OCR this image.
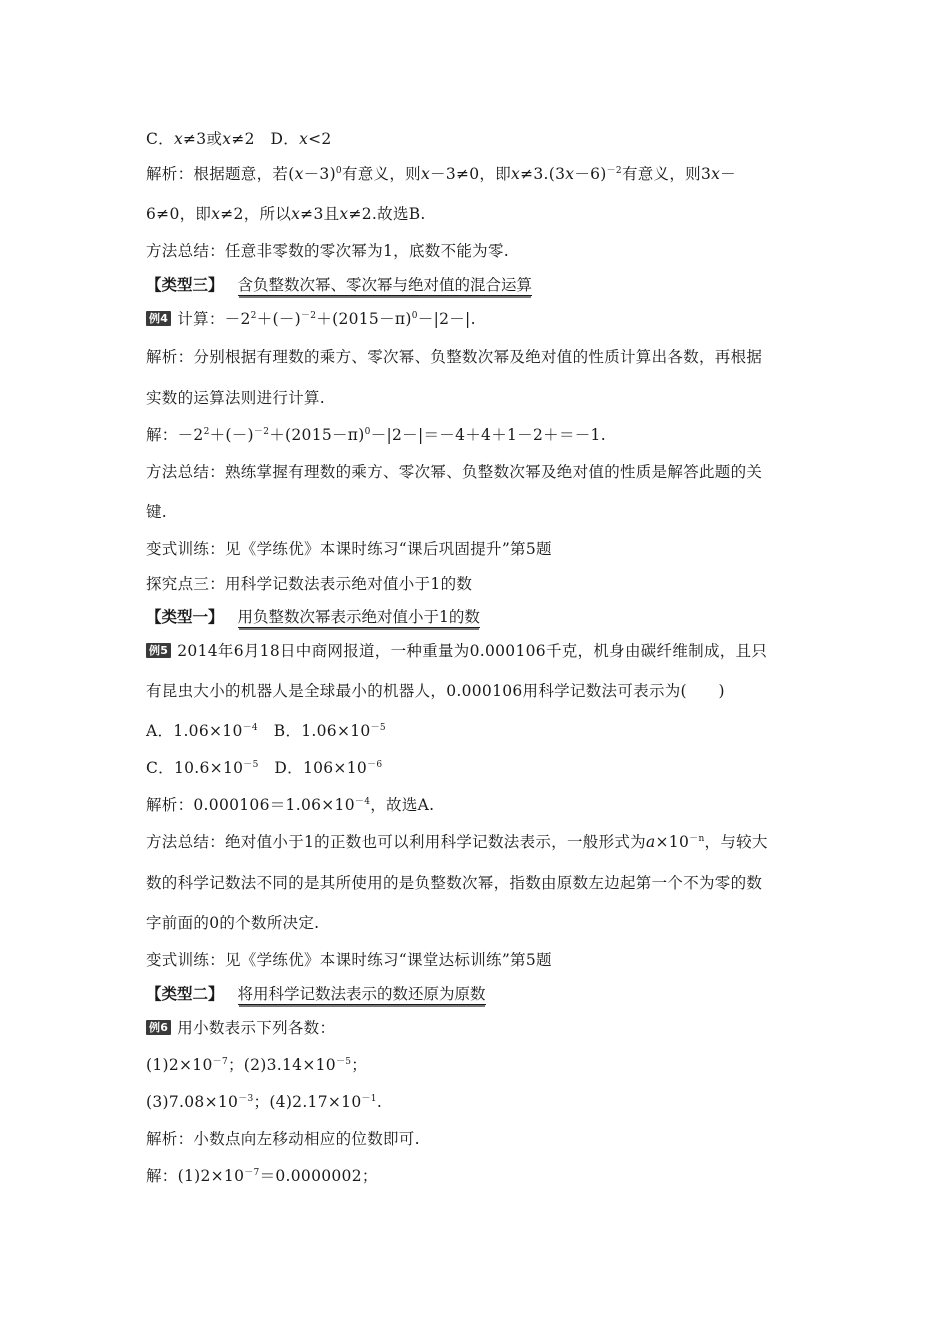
C．x≠3或x≠2　D．x<2
解析：根据题意，若$(x-3)^0$有意义，则x－3≠0，即$x\ne 3.(3x-6)^{-2}$有意义，则3x－
6≠0，即x≠2，所以x≠3且x≠2.故选B.
方法总结：任意非零数的零次幂为1，底数不能为零.
【类型三】 含负整数次幂、零次幂与绝对值的混合运算
例4 计算：$-2^2+(-)^{-2}+(2015-\pi)^0-|2-|$.
解析：分别根据有理数的乘方、零次幂、负整数次幂及绝对值的性质计算出各数，再根据
实数的运算法则进行计算.
解：$-2^2+(-)^{-2}+(2015-\pi)^0-|2-|=-4+4+1-2+=-1$.
方法总结：熟练掌握有理数的乘方、零次幂、负整数次幂及绝对值的性质是解答此题的关
键.
变式训练：见《学练优》本课时练习“课后巩固提升”第5题
探究点三：用科学记数法表示绝对值小于1的数
【类型一】 用负整数次幂表示绝对值小于1的数
例5 2014年6月18日中商网报道，一种重量为0.000106千克，机身由碳纤维制成，且只
有昆虫大小的机器人是全球最小的机器人，0.000106用科学记数法可表示为(　　)
A．$1.06\times 10^{-4}$　B．$1.06\times 10^{-5}$
C．$10.6\times 10^{-5}$　D．$106\times 10^{-6}$
解析：$0.000106=1.06\times 10^{-4}$，故选A.
方法总结：绝对值小于1的正数也可以利用科学记数法表示，一般形式为$a\times 10^{-n}$，与较大
数的科学记数法不同的是其所使用的是负整数次幂，指数由原数左边起第一个不为零的数
字前面的0的个数所决定.
变式训练：见《学练优》本课时练习“课堂达标训练”第5题
【类型二】 将用科学记数法表示的数还原为原数
例6 用小数表示下列各数：
$(1)2\times 10^{-7}$；$(2)3.14\times 10^{-5}$；
$(3)7.08\times 10^{-3}$；$(4)2.17\times 10^{-1}$.
解析：小数点向左移动相应的位数即可.
解：$(1)2\times 10^{-7}=0.0000002$；
